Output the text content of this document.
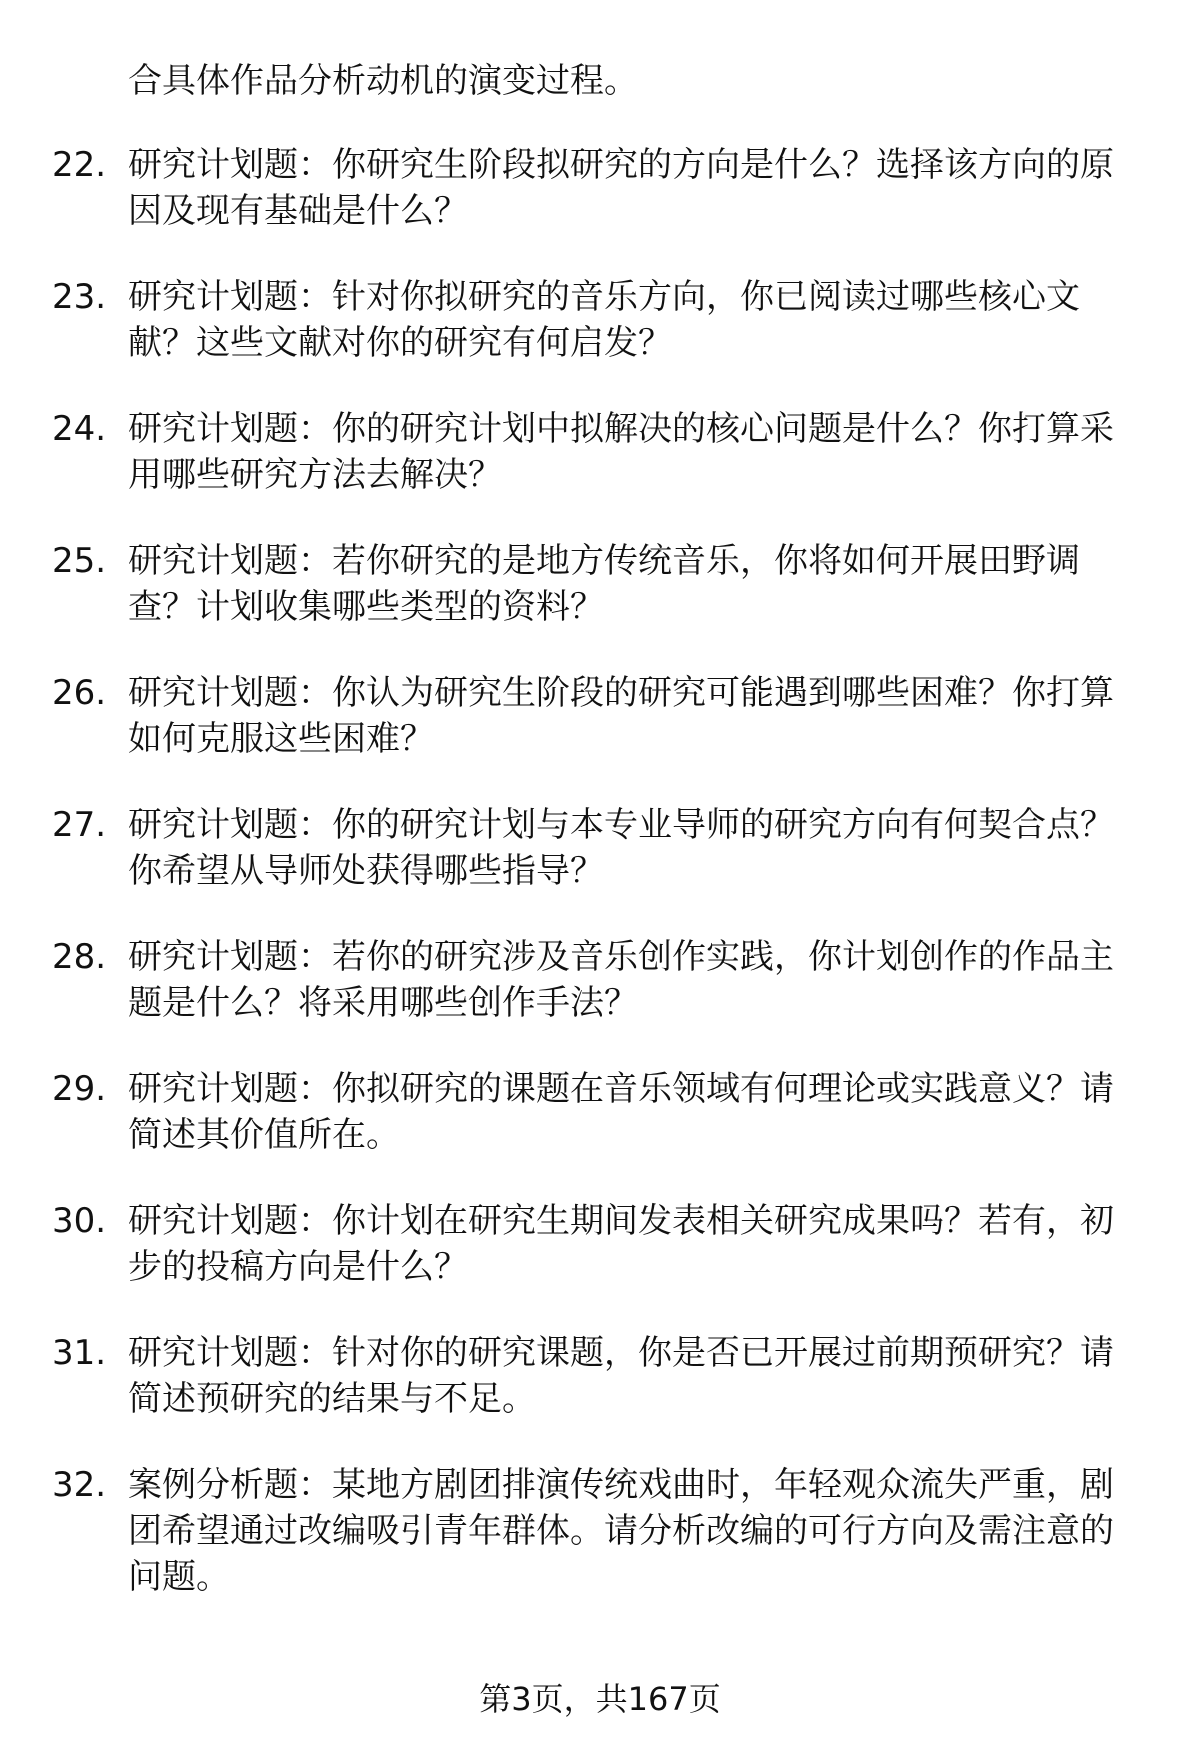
合具体作品分析动机的演变过程。

22. 研究计划题：你研究生阶段拟研究的方向是什么？选择该方向的原因及现有基础是什么？

23. 研究计划题：针对你拟研究的音乐方向，你已阅读过哪些核心文献？这些文献对你的研究有何启发？

24. 研究计划题：你的研究计划中拟解决的核心问题是什么？你打算采用哪些研究方法去解决？

25. 研究计划题：若你研究的是地方传统音乐，你将如何开展田野调查？计划收集哪些类型的资料？

26. 研究计划题：你认为研究生阶段的研究可能遇到哪些困难？你打算如何克服这些困难？

27. 研究计划题：你的研究计划与本专业导师的研究方向有何契合点？你希望从导师处获得哪些指导？

28. 研究计划题：若你的研究涉及音乐创作实践，你计划创作的作品主题是什么？将采用哪些创作手法？

29. 研究计划题：你拟研究的课题在音乐领域有何理论或实践意义？请简述其价值所在。

30. 研究计划题：你计划在研究生期间发表相关研究成果吗？若有，初步的投稿方向是什么？

31. 研究计划题：针对你的研究课题，你是否已开展过前期预研究？请简述预研究的结果与不足。

32. 案例分析题：某地方剧团排演传统戏曲时，年轻观众流失严重，剧团希望通过改编吸引青年群体。请分析改编的可行方向及需注意的问题。

第3页，共167页
